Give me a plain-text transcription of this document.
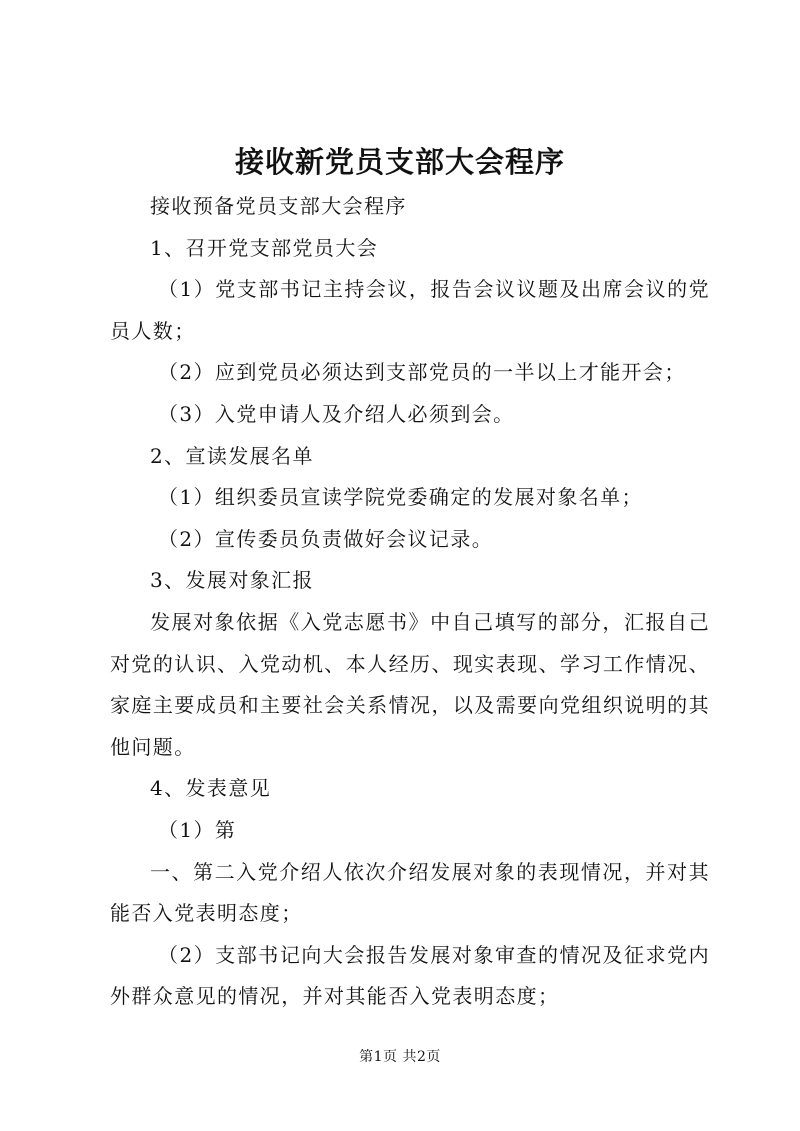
接收新党员支部大会程序

接收预备党员支部大会程序

1、召开党支部党员大会

（1）党支部书记主持会议，报告会议议题及出席会议的党员人数；

（2）应到党员必须达到支部党员的一半以上才能开会；

（3）入党申请人及介绍人必须到会。

2、宣读发展名单

（1）组织委员宣读学院党委确定的发展对象名单；

（2）宣传委员负责做好会议记录。

3、发展对象汇报

发展对象依据《入党志愿书》中自己填写的部分，汇报自己对党的认识、入党动机、本人经历、现实表现、学习工作情况、家庭主要成员和主要社会关系情况，以及需要向党组织说明的其他问题。

4、发表意见

（1）第

一、第二入党介绍人依次介绍发展对象的表现情况，并对其能否入党表明态度；

（2）支部书记向大会报告发展对象审查的情况及征求党内外群众意见的情况，并对其能否入党表明态度；

第1页 共2页
